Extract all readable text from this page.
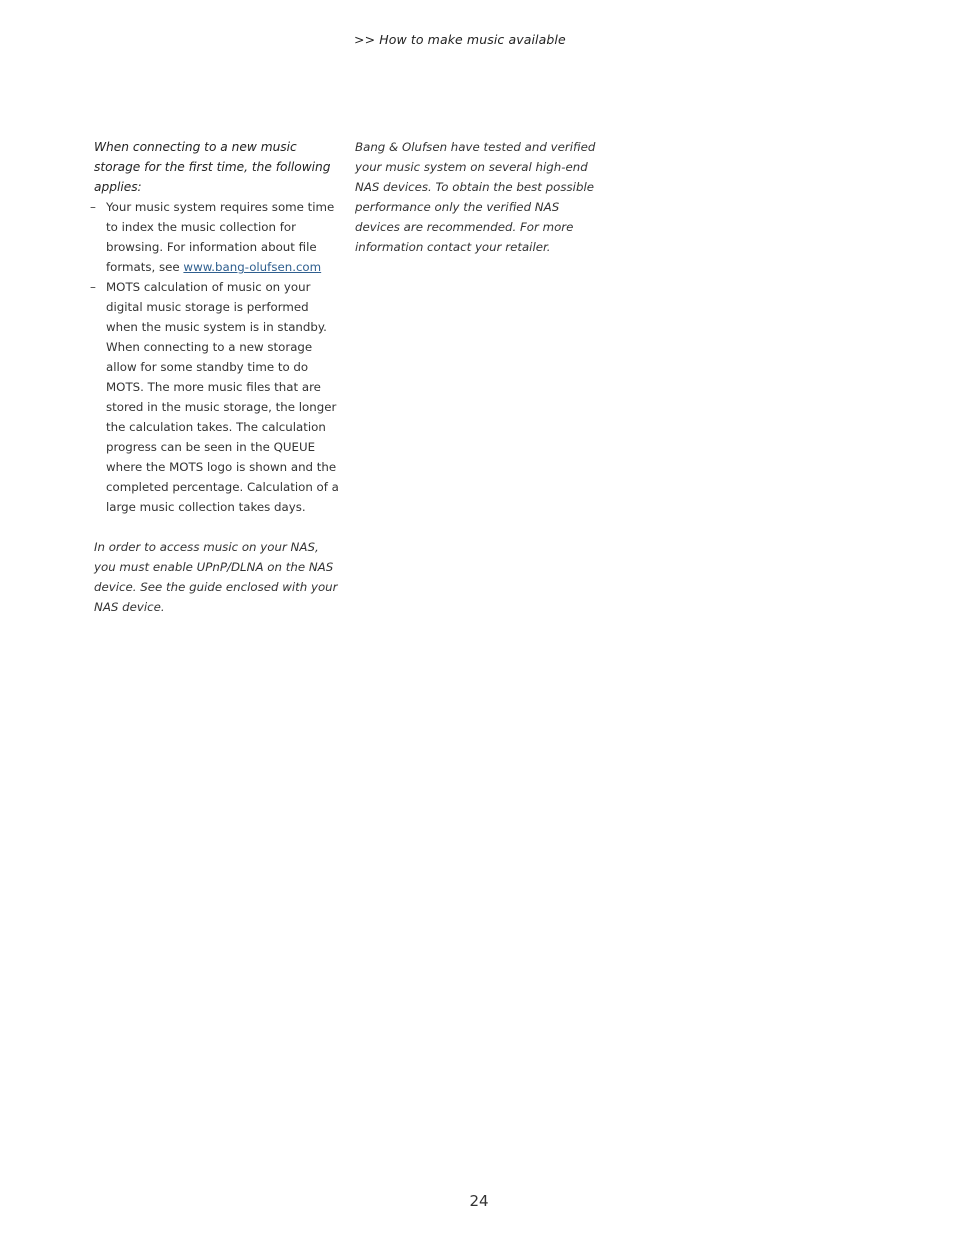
>> How to make music available

When connecting to a new music storage for the first time, the following applies:

– Your music system requires some time to index the music collection for browsing. For information about file formats, see www.bang-olufsen.com
– MOTS calculation of music on your digital music storage is performed when the music system is in standby. When connecting to a new storage allow for some standby time to do MOTS. The more music files that are stored in the music storage, the longer the calculation takes. The calculation progress can be seen in the QUEUE where the MOTS logo is shown and the completed percentage. Calculation of a large music collection takes days.

In order to access music on your NAS, you must enable UPnP/DLNA on the NAS device. See the guide enclosed with your NAS device.

Bang & Olufsen have tested and verified your music system on several high-end NAS devices. To obtain the best possible performance only the verified NAS devices are recommended. For more information contact your retailer.

24
